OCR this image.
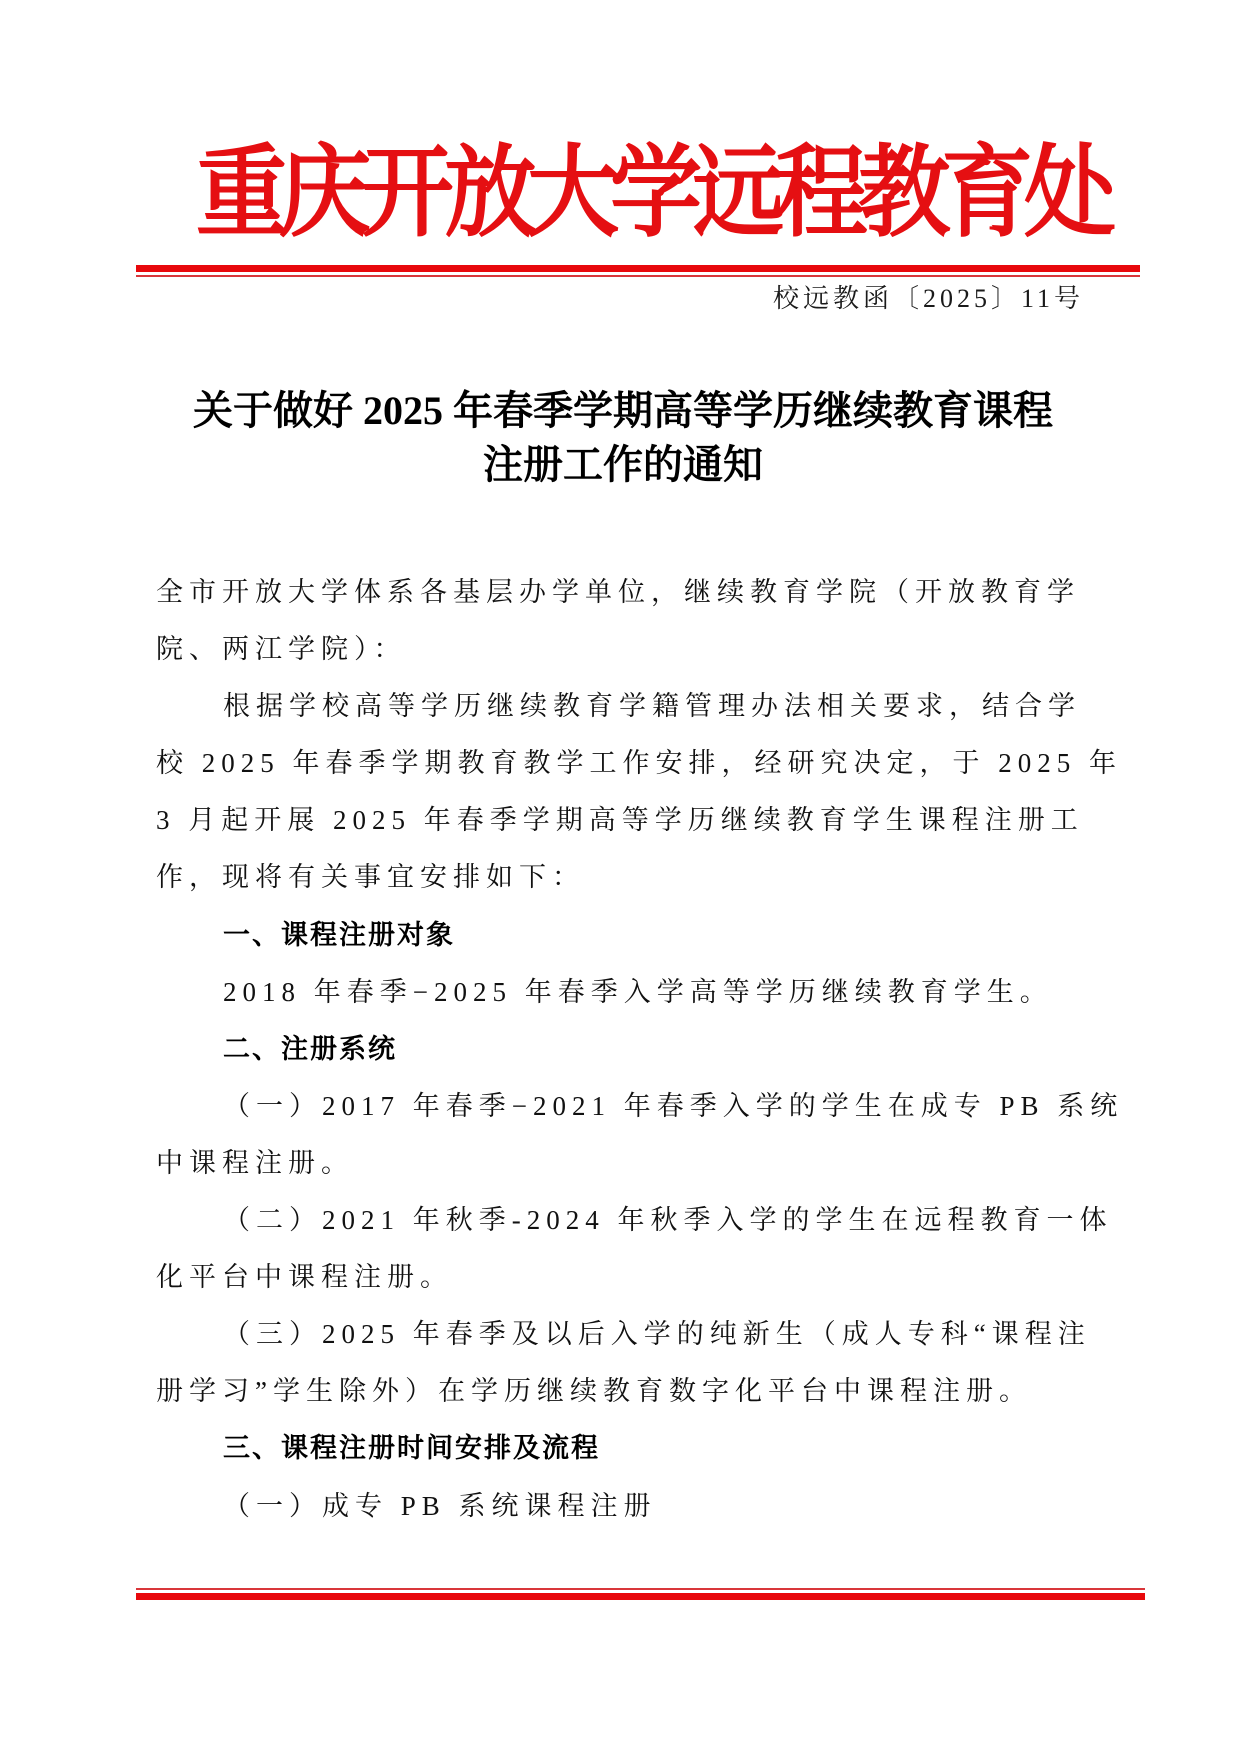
重庆开放大学远程教育处
校远教函〔2025〕11号
关于做好 2025 年春季学期高等学历继续教育课程
注册工作的通知
全市开放大学体系各基层办学单位，继续教育学院（开放教育学
院、两江学院）：
根据学校高等学历继续教育学籍管理办法相关要求，结合学
校 2025 年春季学期教育教学工作安排，经研究决定，于 2025 年
3 月起开展 2025 年春季学期高等学历继续教育学生课程注册工
作，现将有关事宜安排如下：
一、课程注册对象
2018 年春季−2025 年春季入学高等学历继续教育学生。
二、注册系统
（一）2017 年春季−2021 年春季入学的学生在成专 PB 系统
中课程注册。
（二）2021 年秋季-2024 年秋季入学的学生在远程教育一体
化平台中课程注册。
（三）2025 年春季及以后入学的纯新生（成人专科“课程注
册学习”学生除外）在学历继续教育数字化平台中课程注册。
三、课程注册时间安排及流程
（一）成专 PB 系统课程注册
